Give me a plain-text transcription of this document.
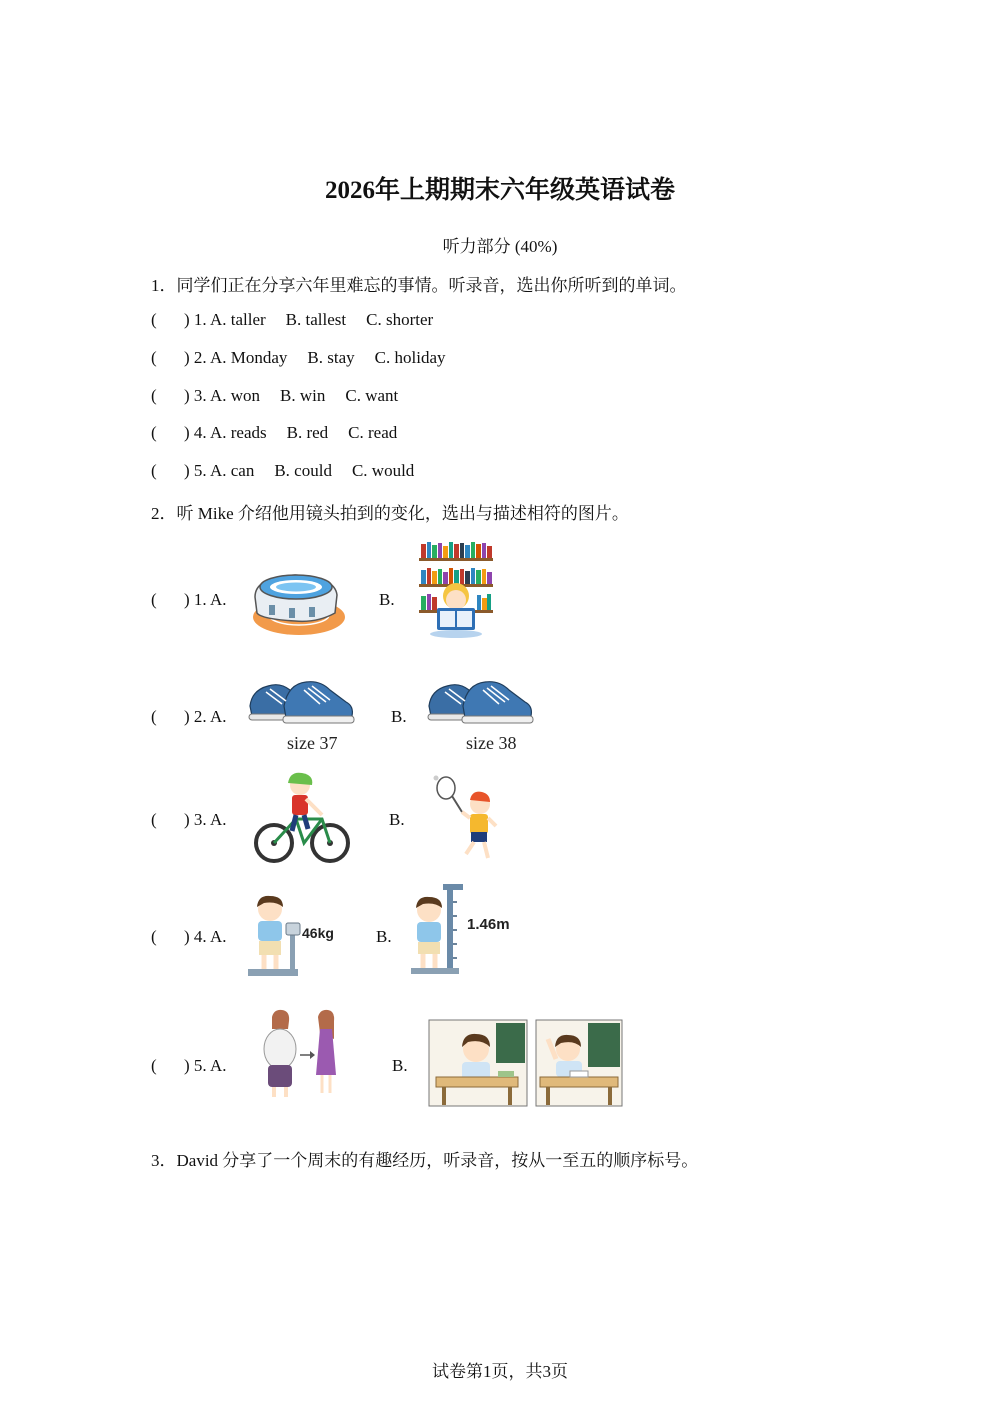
2026年上期期末六年级英语试卷
听力部分 (40%)
1．同学们正在分享六年里难忘的事情。听录音，选出你所听到的单词。
( ) 1. A. taller B. tallest C. shorter
( ) 2. A. Monday B. stay C. holiday
( ) 3. A. won B. win C. want
( ) 4. A. reads B. red C. read
( ) 5. A. can B. could C. would
2．听 Mike 介绍他用镜头拍到的变化，选出与描述相符的图片。
( ) 1. A.	B.
( ) 2. A.
size 37
B.
size 38
( ) 3. A.	B.
( ) 4. A.	46kg B.
1.46m
( ) 5. A.	B.
3．David 分享了一个周末的有趣经历，听录音，按从一至五的顺序标号。
试卷第1页，共3页
